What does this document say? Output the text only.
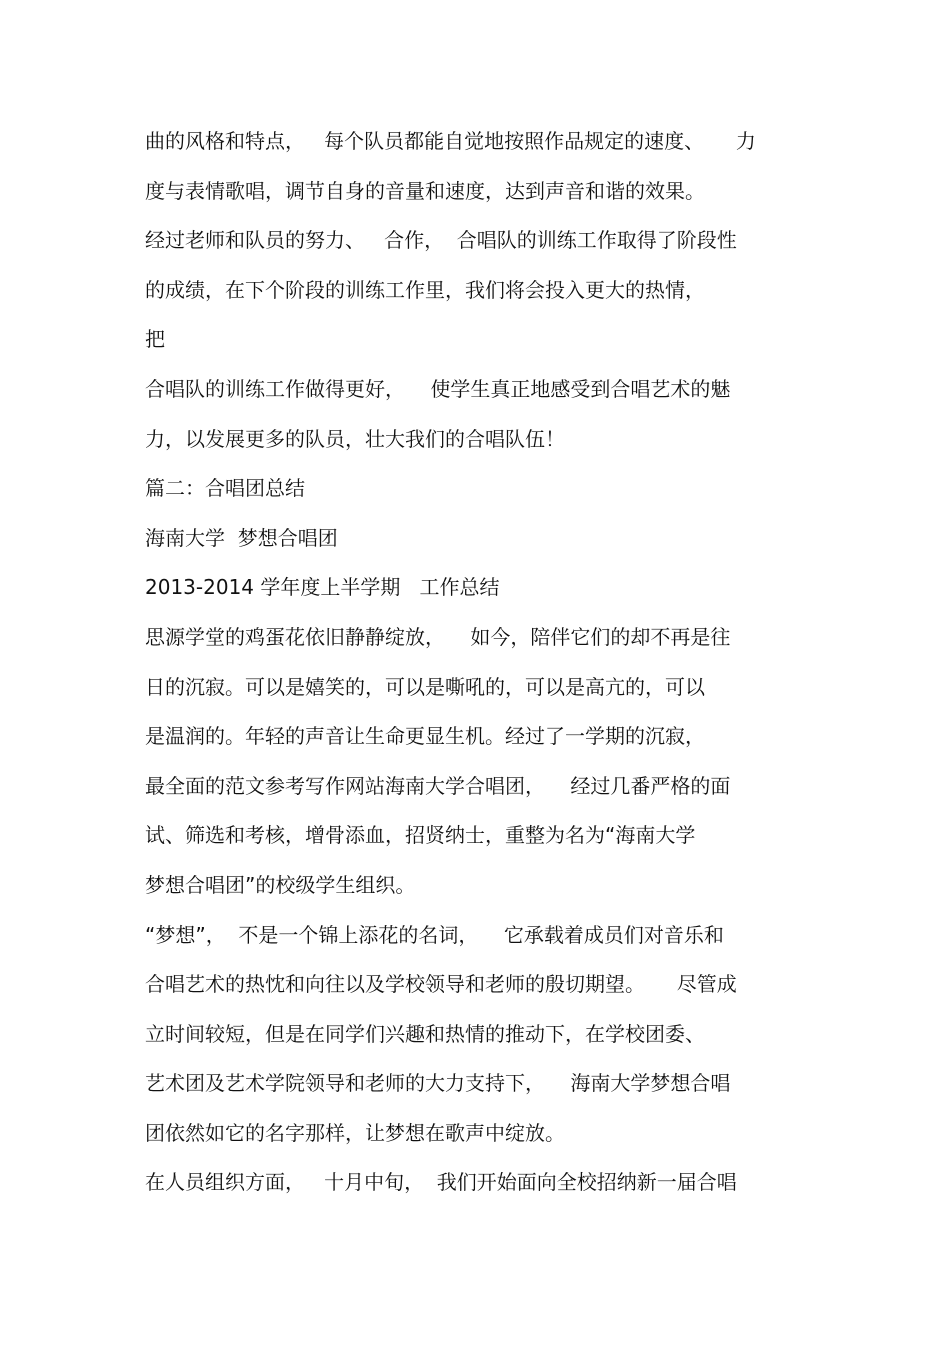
曲的风格和特点，   每个队员都能自觉地按照作品规定的速度、     力
度与表情歌唱，调节自身的音量和速度，达到声音和谐的效果。
经过老师和队员的努力、   合作，  合唱队的训练工作取得了阶段性
的成绩，在下个阶段的训练工作里，我们将会投入更大的热情，
把
合唱队的训练工作做得更好，    使学生真正地感受到合唱艺术的魅
力，以发展更多的队员，壮大我们的合唱队伍！
篇二：合唱团总结
海南大学  梦想合唱团
2013-2014 学年度上半学期   工作总结
思源学堂的鸡蛋花依旧静静绽放，    如今，陪伴它们的却不再是往
日的沉寂。可以是嬉笑的，可以是嘶吼的，可以是高亢的，可以
是温润的。年轻的声音让生命更显生机。经过了一学期的沉寂，
最全面的范文参考写作网站海南大学合唱团，    经过几番严格的面
试、筛选和考核，增骨添血，招贤纳士，重整为名为“海南大学
梦想合唱团”的校级学生组织。
“梦想”，  不是一个锦上添花的名词，    它承载着成员们对音乐和
合唱艺术的热忱和向往以及学校领导和老师的殷切期望。     尽管成
立时间较短，但是在同学们兴趣和热情的推动下，在学校团委、
艺术团及艺术学院领导和老师的大力支持下，    海南大学梦想合唱
团依然如它的名字那样，让梦想在歌声中绽放。
在人员组织方面，   十月中旬，  我们开始面向全校招纳新一届合唱
